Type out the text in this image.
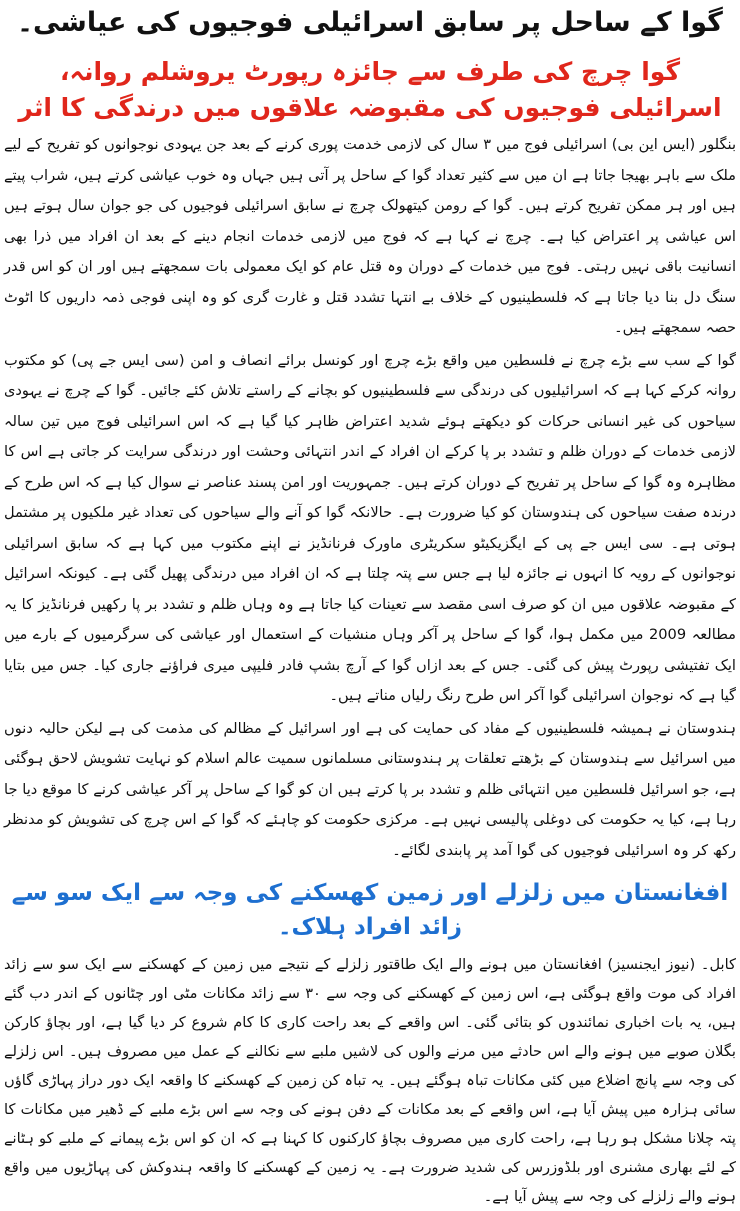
گوا کے ساحل پر سابق اسرائیلی فوجیوں کی عیاشی۔
گوا چرچ کی طرف سے جائزہ رپورٹ یروشلم روانہ، اسرائیلی فوجیوں کی مقبوضہ علاقوں میں درندگی کا اثر

بنگلور (ایس این بی) اسرائیلی فوج میں ۳ سال کی لازمی خدمت پوری کرنے کے بعد جن یہودی نوجوانوں کو تفریح کے لیے ملک سے باہر بھیجا جاتا ہے ان میں سے کثیر تعداد گوا کے ساحل پر آتی ہیں جہاں وہ خوب عیاشی کرتے ہیں، شراب پیتے ہیں اور ہر ممکن تفریح کرتے ہیں۔ گوا کے رومن کیتھولک چرچ نے سابق اسرائیلی فوجیوں کی جو جوان سال ہوتے ہیں اس عیاشی پر اعتراض کیا ہے۔ چرچ نے کہا ہے کہ فوج میں لازمی خدمات انجام دینے کے بعد ان افراد میں ذرا بھی انسانیت باقی نہیں رہتی۔ فوج میں خدمات کے دوران وہ قتل عام کو ایک معمولی بات سمجھتے ہیں اور ان کو اس قدر سنگ دل بنا دیا جاتا ہے کہ فلسطینیوں کے خلاف بے انتہا تشدد قتل و غارت گری کو وہ اپنی فوجی ذمہ داریوں کا اٹوٹ حصہ سمجھتے ہیں۔

گوا کے سب سے بڑے چرچ نے فلسطین میں واقع بڑے چرچ اور کونسل برائے انصاف و امن (سی ایس جے پی) کو مکتوب روانہ کرکے کہا ہے کہ اسرائیلیوں کی درندگی سے فلسطینیوں کو بچانے کے راستے تلاش کئے جائیں۔ گوا کے چرچ نے یہودی سیاحوں کی غیر انسانی حرکات کو دیکھتے ہوئے شدید اعتراض ظاہر کیا گیا ہے کہ اس اسرائیلی فوج میں تین سالہ لازمی خدمات کے دوران ظلم و تشدد بر پا کرکے ان افراد کے اندر انتہائی وحشت اور درندگی سرایت کر جاتی ہے اس کا مظاہرہ وہ گوا کے ساحل پر تفریح کے دوران کرتے ہیں۔ جمہوریت اور امن پسند عناصر نے سوال کیا ہے کہ اس طرح کے درندہ صفت سیاحوں کی ہندوستان کو کیا ضرورت ہے۔ حالانکہ گوا کو آنے والے سیاحوں کی تعداد غیر ملکیوں پر مشتمل ہوتی ہے۔ سی ایس جے پی کے ایگزیکیٹو سکریٹری ماورک فرنانڈیز نے اپنے مکتوب میں کہا ہے کہ سابق اسرائیلی نوجوانوں کے رویہ کا انہوں نے جائزہ لیا ہے جس سے پتہ چلتا ہے کہ ان افراد میں درندگی پھیل گئی ہے۔ کیونکہ اسرائیل کے مقبوضہ علاقوں میں ان کو صرف اسی مقصد سے تعینات کیا جاتا ہے وہ وہاں ظلم و تشدد بر پا رکھیں فرنانڈیز کا یہ مطالعہ 2009 میں مکمل ہوا، گوا کے ساحل پر آکر وہاں منشیات کے استعمال اور عیاشی کی سرگرمیوں کے بارے میں ایک تفتیشی رپورٹ پیش کی گئی۔ جس کے بعد ازاں گوا کے آرچ بشپ فادر فلیپی میری فراؤنے جاری کیا۔ جس میں بتایا گیا ہے کہ نوجوان اسرائیلی گوا آکر اس طرح رنگ رلیاں مناتے ہیں۔

ہندوستان نے ہمیشہ فلسطینیوں کے مفاد کی حمایت کی ہے اور اسرائیل کے مظالم کی مذمت کی ہے لیکن حالیہ دنوں میں اسرائیل سے ہندوستان کے بڑھتے تعلقات پر ہندوستانی مسلمانوں سمیت عالم اسلام کو نہایت تشویش لاحق ہوگئی ہے، جو اسرائیل فلسطین میں انتہائی ظلم و تشدد بر پا کرتے ہیں ان کو گوا کے ساحل پر آکر عیاشی کرنے کا موقع دیا جا رہا ہے، کیا یہ حکومت کی دوغلی پالیسی نہیں ہے۔ مرکزی حکومت کو چاہئے کہ گوا کے اس چرچ کی تشویش کو مدنظر رکھ کر وہ اسرائیلی فوجیوں کی گوا آمد پر پابندی لگائے۔

افغانستان میں زلزلے اور زمین کھسکنے کی وجہ سے ایک سو سے زائد افراد ہلاک۔

کابل۔ (نیوز ایجنسیز) افغانستان میں ہونے والے ایک طاقتور زلزلے کے نتیجے میں زمین کے کھسکنے سے ایک سو سے زائد افراد کی موت واقع ہوگئی ہے، اس زمین کے کھسکنے کی وجہ سے ۳۰ سے زائد مکانات مٹی اور چٹانوں کے اندر دب گئے ہیں، یہ بات اخباری نمائندوں کو بتائی گئی۔ اس واقعے کے بعد راحت کاری کا کام شروع کر دیا گیا ہے، اور بچاؤ کارکن بگلان صوبے میں ہونے والے اس حادثے میں مرنے والوں کی لاشیں ملبے سے نکالنے کے عمل میں مصروف ہیں۔ اس زلزلے کی وجہ سے پانچ اضلاع میں کئی مکانات تباہ ہوگئے ہیں۔ یہ تباہ کن زمین کے کھسکنے کا واقعہ ایک دور دراز پہاڑی گاؤں سائی ہزارہ میں پیش آیا ہے، اس واقعے کے بعد مکانات کے دفن ہونے کی وجہ سے اس بڑے ملبے کے ڈھیر میں مکانات کا پتہ چلانا مشکل ہو رہا ہے، راحت کاری میں مصروف بچاؤ کارکنوں کا کہنا ہے کہ ان کو اس بڑے پیمانے کے ملبے کو ہٹانے کے لئے بھاری مشنری اور بلڈوزرس کی شدید ضرورت ہے۔ یہ زمین کے کھسکنے کا واقعہ ہندوکش کی پہاڑیوں میں واقع ہونے والے زلزلے کی وجہ سے پیش آیا ہے۔
